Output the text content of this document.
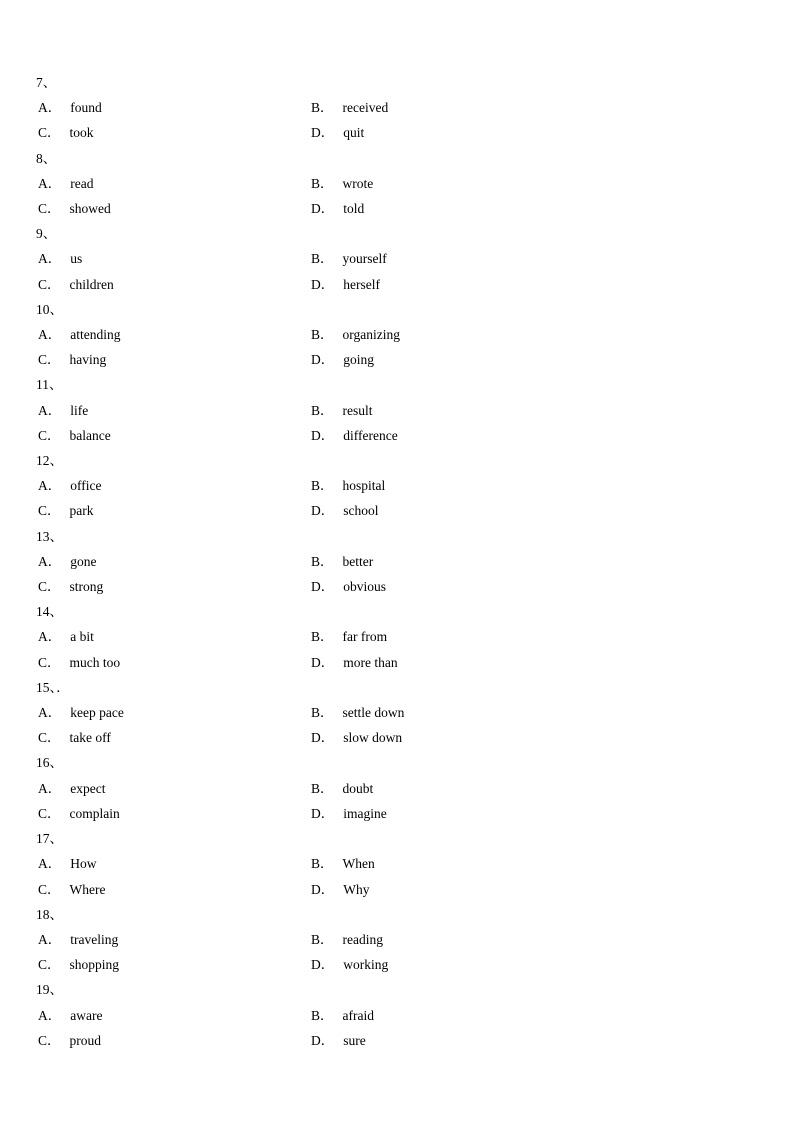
7、
A． found	B． received
C． took	D． quit
8、
A． read	B． wrote
C． showed	D． told
9、
A． us	B． yourself
C． children	D． herself
10、
A． attending	B． organizing
C． having	D． going
11、
A． life	B． result
C． balance	D． difference
12、
A． office	B． hospital
C． park	D． school
13、
A． gone	B． better
C． strong	D． obvious
14、
A． a bit	B． far from
C． much too	D． more than
15、．
A． keep pace	B． settle down
C． take off	D． slow down
16、
A． expect	B． doubt
C． complain	D． imagine
17、
A． How	B． When
C． Where	D． Why
18、
A． traveling	B． reading
C． shopping	D． working
19、
A． aware	B． afraid
C． proud	D． sure
